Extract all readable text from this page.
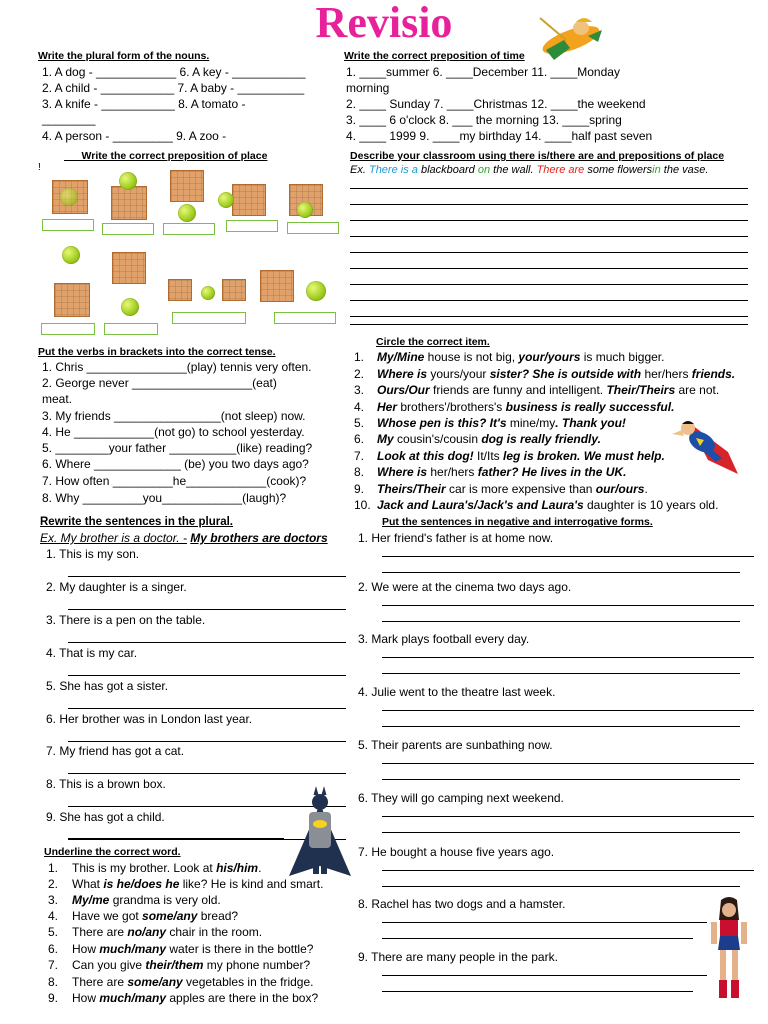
Revisio
Write the plural form of the nouns.
1. A dog - ____________ 6. A key - ___________
2. A child - ___________ 7. A baby - __________
3. A knife - ___________ 8. A tomato -
________
4. A person - _________ 9. A zoo -
Write the correct preposition of time
1. ____summer 6. ____December 11. ____Monday
morning
2. ____ Sunday 7. ____Christmas 12. ____the weekend
3. ____ 6 o'clock 8. ___ the morning 13. ____spring
4. ____ 1999 9. ____my birthday 14. ____half past seven
!
___Write the correct preposition of place	Describe your classroom using there is/there are and prepositions of place
Ex. There is a blackboard on the wall. There are some flowersin the vase.
Put the verbs in brackets into the correct tense.
1. Chris _______________(play) tennis very often.
2. George never __________________(eat)
meat.
3. My friends ________________(not sleep) now.
4. He ____________(not go) to school yesterday.
5. ________your father __________(like) reading?
6. Where _____________ (be) you two days ago?
7. How often _________he____________(cook)?
8. Why _________you____________(laugh)?
Circle the correct item.
1. My/Mine house is not big, your/yours is much bigger.
2. Where is yours/your sister? She is outside with her/hers friends.
3. Ours/Our friends are funny and intelligent. Their/Theirs are not.
4. Her brothers'/brothers's business is really successful.
5. Whose pen is this? It's mine/my. Thank you!
6. My cousin's/cousin dog is really friendly.
7. Look at this dog! It/Its leg is broken. We must help.
8. Where is her/hers father? He lives in the UK.
9. Theirs/Their car is more expensive than our/ours.
10. Jack and Laura's/Jack's and Laura's daughter is 10 years old.
Rewrite the sentences in the plural.
Ex. My brother is a doctor. - My brothers are doctors
1. This is my son.
2. My daughter is a singer.
3. There is a pen on the table.
4. That is my car.
5. She has got a sister.
6. Her brother was in London last year.
7. My friend has got a cat.
8. This is a brown box.
9. She has got a child.
Put the sentences in negative and interrogative forms.
1. Her friend's father is at home now.
2. We were at the cinema two days ago.
3. Mark plays football every day.
4. Julie went to the theatre last week.
5. Their parents are sunbathing now.
6. They will go camping next weekend.
7. He bought a house five years ago.
8. Rachel has two dogs and a hamster.
9. There are many people in the park.
Underline the correct word.
1. This is my brother. Look at his/him.
2. What is he/does he like? He is kind and smart.
3. My/me grandma is very old.
4. Have we got some/any bread?
5. There are no/any chair in the room.
6. How much/many water is there in the bottle?
7. Can you give their/them my phone number?
8. There are some/any vegetables in the fridge.
9. How much/many apples are there in the box?
